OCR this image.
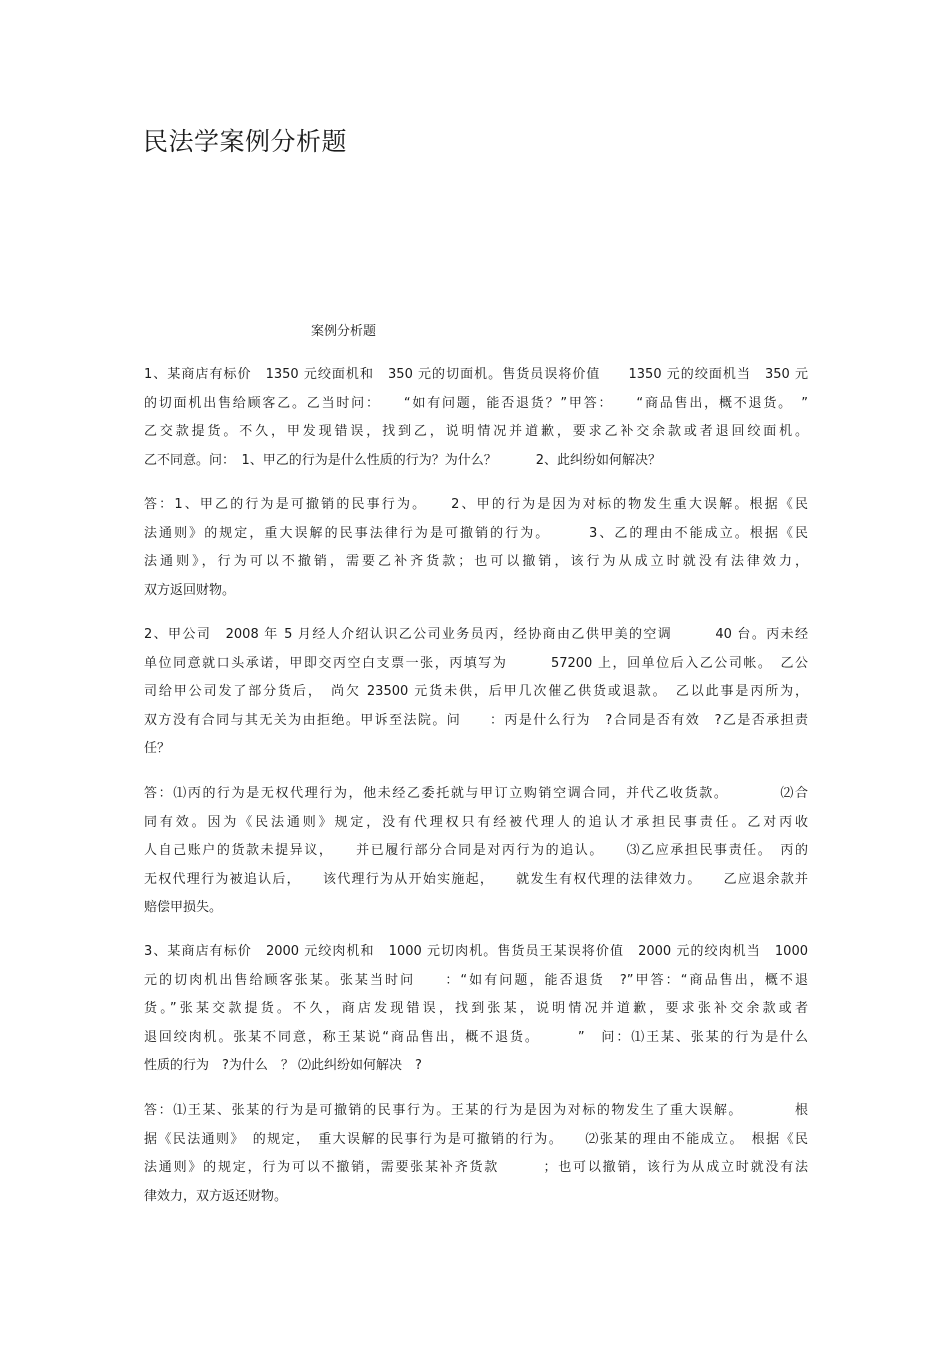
民法学案例分析题

案例分析题

1、某商店有标价　1350 元绞面机和　350 元的切面机。售货员误将价值　　1350 元的绞面机当　350 元
的切面机出售给顾客乙。乙当时问：　　“如有问题，能否退货？”甲答：　　“商品售出，概不退货。　”
乙交款提货。不久，甲发现错误，找到乙，说明情况并道歉，要求乙补交余款或者退回绞面机。
乙不同意。问：　1、甲乙的行为是什么性质的行为？为什么？　　　2、此纠纷如何解决？
答：1、甲乙的行为是可撤销的民事行为。　　2、甲的行为是因为对标的物发生重大误解。根据《民
法通则》的规定，重大误解的民事法律行为是可撤销的行为。　　　3、乙的理由不能成立。根据《民
法通则》，行为可以不撤销，需要乙补齐货款；也可以撤销，该行为从成立时就没有法律效力，
双方返回财物。
2、甲公司　2008 年 5 月经人介绍认识乙公司业务员丙，经协商由乙供甲美的空调　　　40 台。丙未经
单位同意就口头承诺，甲即交丙空白支票一张，丙填写为　　　57200 上，回单位后入乙公司帐。　乙公
司给甲公司发了部分货后，　尚欠 23500 元货未供，后甲几次催乙供货或退款。　乙以此事是丙所为，
双方没有合同与其无关为由拒绝。甲诉至法院。问　　：丙是什么行为　?合同是否有效　?乙是否承担责
任？
答：⑴丙的行为是无权代理行为，他未经乙委托就与甲订立购销空调合同，并代乙收货款。　　　　⑵合
同有效。因为《民法通则》规定，没有代理权只有经被代理人的追认才承担民事责任。乙对丙收
人自己账户的货款未提异议，　　并已履行部分合同是对丙行为的追认。　　⑶乙应承担民事责任。　丙的
无权代理行为被追认后，　　该代理行为从开始实施起，　　就发生有权代理的法律效力。　　乙应退余款并
赔偿甲损失。
3、某商店有标价　2000 元绞肉机和　1000 元切肉机。售货员王某误将价值　2000 元的绞肉机当　1000
元的切肉机出售给顾客张某。张某当时问　　：“如有问题，能否退货　?”甲答：“商品售出，概不退
货。”张某交款提货。不久，商店发现错误，找到张某，说明情况并道歉，要求张补交余款或者
退回绞肉机。张某不同意，称王某说“商品售出，概不退货。　　　”　问：⑴王某、张某的行为是什么
性质的行为　?为什么　？ ⑵此纠纷如何解决　?
答：⑴王某、张某的行为是可撤销的民事行为。王某的行为是因为对标的物发生了重大误解。　　　　根
据《民法通则》　的规定，　重大误解的民事行为是可撤销的行为。　　⑵张某的理由不能成立。　根据《民
法通则》的规定，行为可以不撤销，需要张某补齐货款　　　；也可以撤销，该行为从成立时就没有法
律效力，双方返还财物。
